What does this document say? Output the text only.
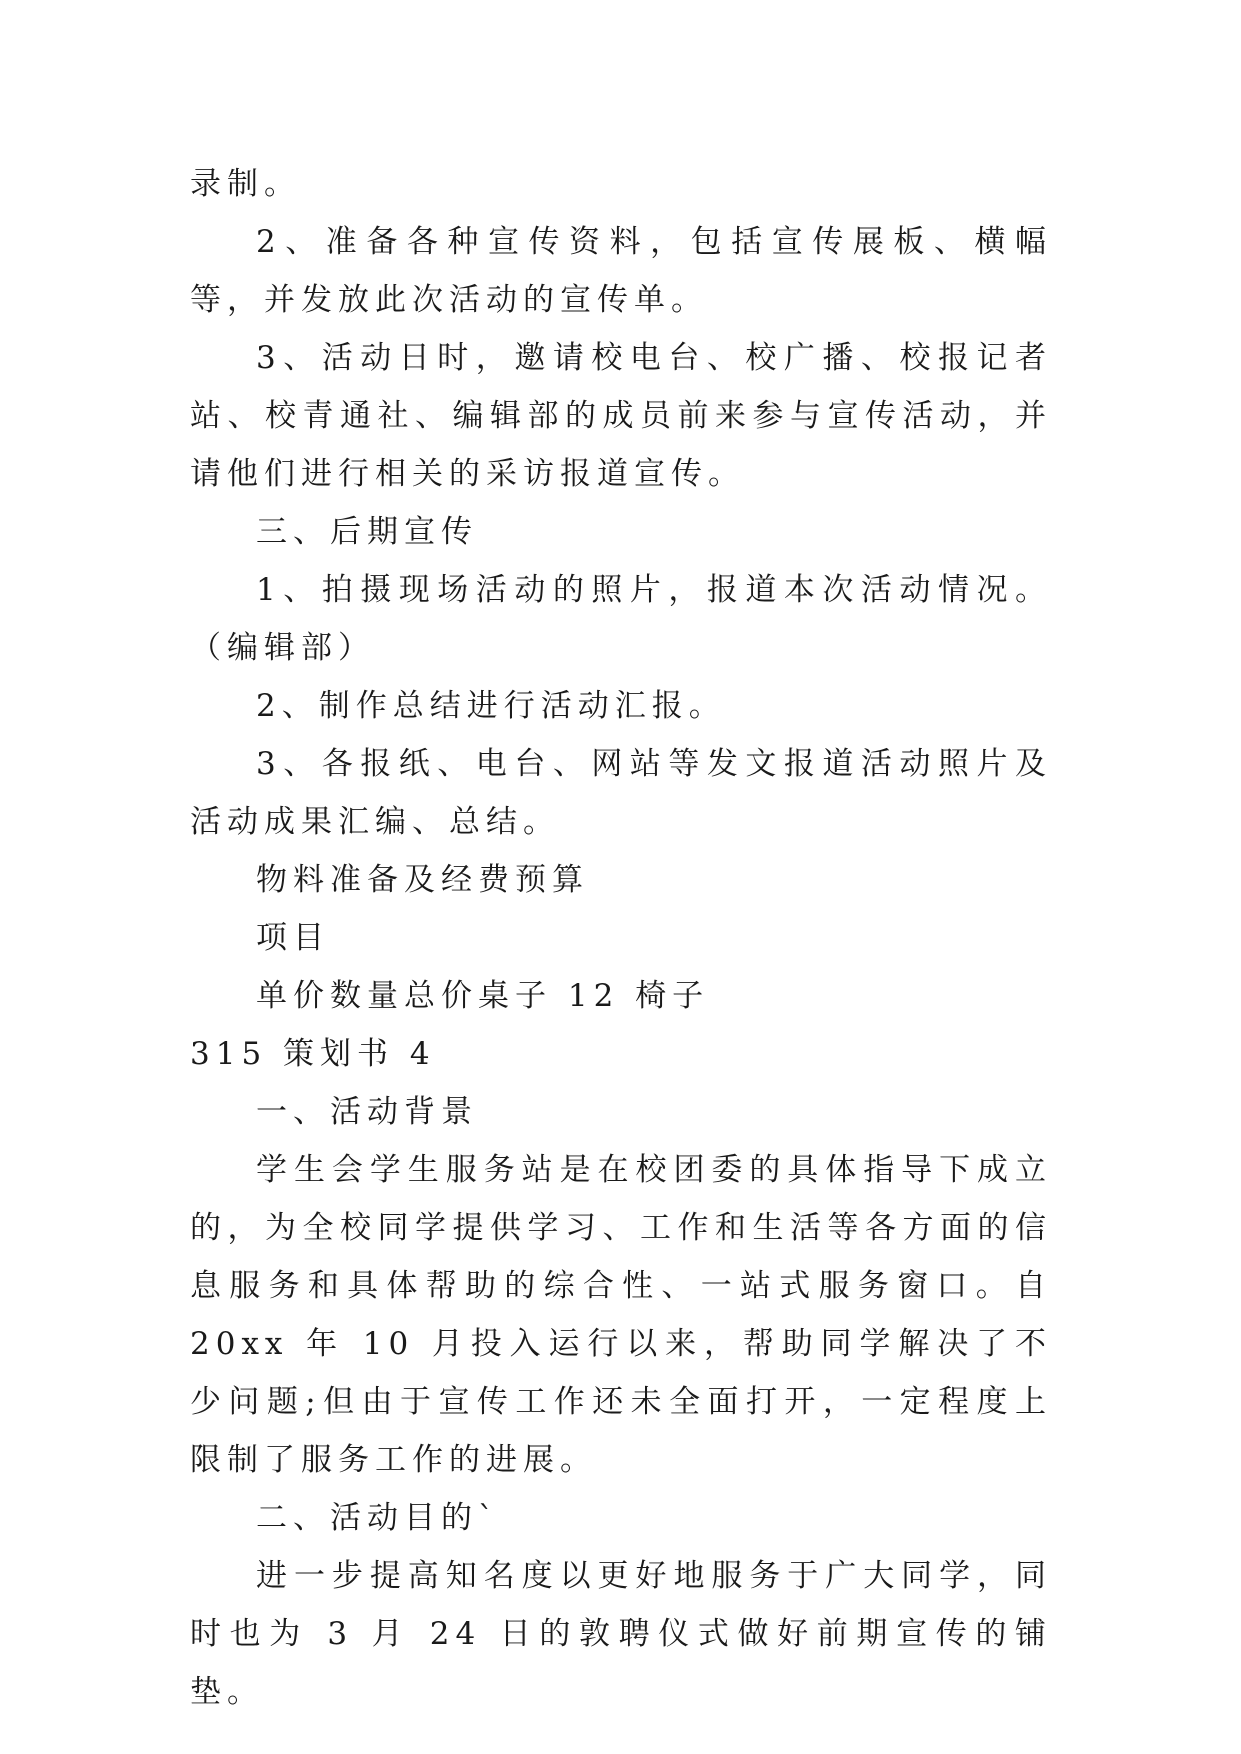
录制。

2、准备各种宣传资料，包括宣传展板、横幅等，并发放此次活动的宣传单。

3、活动日时，邀请校电台、校广播、校报记者站、校青通社、编辑部的成员前来参与宣传活动，并请他们进行相关的采访报道宣传。

三、后期宣传

1、拍摄现场活动的照片，报道本次活动情况。（编辑部）

2、制作总结进行活动汇报。

3、各报纸、电台、网站等发文报道活动照片及活动成果汇编、总结。

物料准备及经费预算

项目

单价数量总价桌子 12 椅子

315 策划书 4

一、活动背景

学生会学生服务站是在校团委的具体指导下成立的，为全校同学提供学习、工作和生活等各方面的信息服务和具体帮助的综合性、一站式服务窗口。自 20xx 年 10 月投入运行以来，帮助同学解决了不少问题;但由于宣传工作还未全面打开，一定程度上限制了服务工作的进展。

二、活动目的`

进一步提高知名度以更好地服务于广大同学，同时也为 3 月 24 日的敦聘仪式做好前期宣传的铺垫。
